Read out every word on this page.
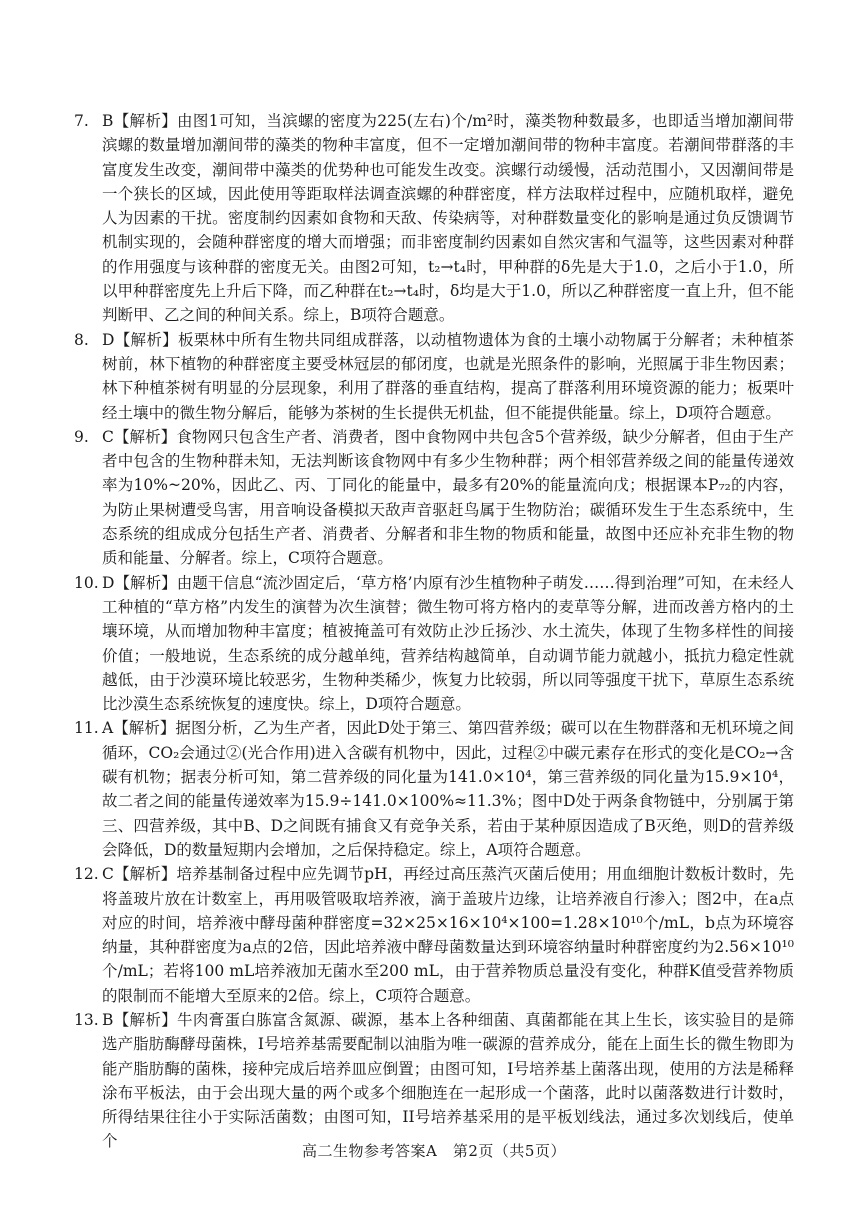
7. B【解析】由图1可知，当滨螺的密度为225(左右)个/m²时，藻类物种数最多，也即适当增加潮间带滨螺的数量增加潮间带的藻类的物种丰富度，但不一定增加潮间带的物种丰富度。若潮间带群落的丰富度发生改变，潮间带中藻类的优势种也可能发生改变。滨螺行动缓慢，活动范围小，又因潮间带是一个狭长的区域，因此使用等距取样法调查滨螺的种群密度，样方法取样过程中，应随机取样，避免人为因素的干扰。密度制约因素如食物和天敌、传染病等，对种群数量变化的影响是通过负反馈调节机制实现的，会随种群密度的增大而增强；而非密度制约因素如自然灾害和气温等，这些因素对种群的作用强度与该种群的密度无关。由图2可知，t₂→t₄时，甲种群的δ先是大于1.0，之后小于1.0，所以甲种群密度先上升后下降，而乙种群在t₂→t₄时，δ均是大于1.0，所以乙种群密度一直上升，但不能判断甲、乙之间的种间关系。综上，B项符合题意。

8. D【解析】板栗林中所有生物共同组成群落，以动植物遗体为食的土壤小动物属于分解者；未种植茶树前，林下植物的种群密度主要受林冠层的郁闭度，也就是光照条件的影响，光照属于非生物因素；林下种植茶树有明显的分层现象，利用了群落的垂直结构，提高了群落利用环境资源的能力；板栗叶经土壤中的微生物分解后，能够为茶树的生长提供无机盐，但不能提供能量。综上，D项符合题意。

9. C【解析】食物网只包含生产者、消费者，图中食物网中共包含5个营养级，缺少分解者，但由于生产者中包含的生物种群未知，无法判断该食物网中有多少生物种群；两个相邻营养级之间的能量传递效率为10%~20%，因此乙、丙、丁同化的能量中，最多有20%的能量流向戊；根据课本P₇₂的内容，为防止果树遭受鸟害，用音响设备模拟天敌声音驱赶鸟属于生物防治；碳循环发生于生态系统中，生态系统的组成成分包括生产者、消费者、分解者和非生物的物质和能量，故图中还应补充非生物的物质和能量、分解者。综上，C项符合题意。

10. D【解析】由题干信息“流沙固定后，‘草方格’内原有沙生植物种子萌发……得到治理”可知，在未经人工种植的“草方格”内发生的演替为次生演替；微生物可将方格内的麦草等分解，进而改善方格内的土壤环境，从而增加物种丰富度；植被掩盖可有效防止沙丘扬沙、水土流失，体现了生物多样性的间接价值；一般地说，生态系统的成分越单纯，营养结构越简单，自动调节能力就越小，抵抗力稳定性就越低，由于沙漠环境比较恶劣，生物种类稀少，恢复力比较弱，所以同等强度干扰下，草原生态系统比沙漠生态系统恢复的速度快。综上，D项符合题意。

11. A【解析】据图分析，乙为生产者，因此D处于第三、第四营养级；碳可以在生物群落和无机环境之间循环，CO₂会通过②(光合作用)进入含碳有机物中，因此，过程②中碳元素存在形式的变化是CO₂→含碳有机物；据表分析可知，第二营养级的同化量为141.0×10⁴，第三营养级的同化量为15.9×10⁴，故二者之间的能量传递效率为15.9÷141.0×100%≈11.3%；图中D处于两条食物链中，分别属于第三、四营养级，其中B、D之间既有捕食又有竞争关系，若由于某种原因造成了B灭绝，则D的营养级会降低，D的数量短期内会增加，之后保持稳定。综上，A项符合题意。

12. C【解析】培养基制备过程中应先调节pH，再经过高压蒸汽灭菌后使用；用血细胞计数板计数时，先将盖玻片放在计数室上，再用吸管吸取培养液，滴于盖玻片边缘，让培养液自行渗入；图2中，在a点对应的时间，培养液中酵母菌种群密度=32×25×16×10⁴×100=1.28×10¹⁰个/mL，b点为环境容纳量，其种群密度为a点的2倍，因此培养液中酵母菌数量达到环境容纳量时种群密度约为2.56×10¹⁰个/mL；若将100 mL培养液加无菌水至200 mL，由于营养物质总量没有变化，种群K值受营养物质的限制而不能增大至原来的2倍。综上，C项符合题意。

13. B【解析】牛肉膏蛋白胨富含氮源、碳源，基本上各种细菌、真菌都能在其上生长，该实验目的是筛选产脂肪酶酵母菌株，I号培养基需要配制以油脂为唯一碳源的营养成分，能在上面生长的微生物即为能产脂肪酶的菌株，接种完成后培养皿应倒置；由图可知，I号培养基上菌落出现，使用的方法是稀释涂布平板法，由于会出现大量的两个或多个细胞连在一起形成一个菌落，此时以菌落数进行计数时，所得结果往往小于实际活菌数；由图可知，II号培养基采用的是平板划线法，通过多次划线后，使单个

高二生物参考答案A　第2页（共5页）
